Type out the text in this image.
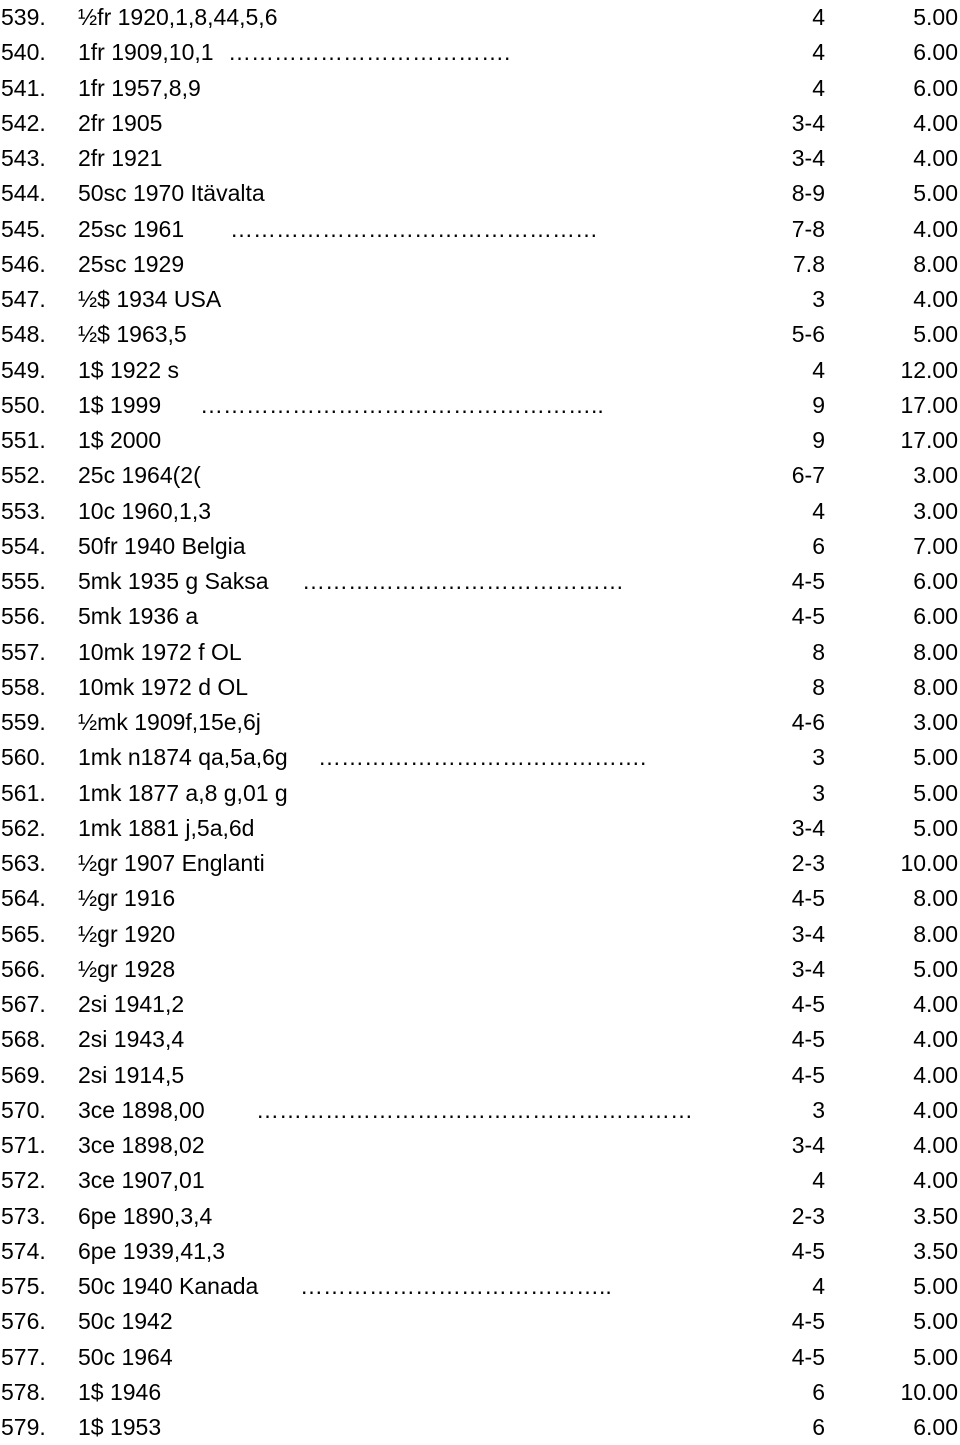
539. ½fr 1920,1,8,44,5,6	4	5.00
540. 1fr 1909,10,1 ……………………………….	4	6.00
541. 1fr 1957,8,9	4	6.00
542. 2fr 1905	3-4	4.00
543. 2fr 1921	3-4	4.00
544. 50sc 1970 Itävalta	8-9	5.00
545. 25sc 1961 …………………………………………	7-8	4.00
546. 25sc 1929	7.8	8.00
547. ½$ 1934 USA	3	4.00
548. ½$ 1963,5	5-6	5.00
549. 1$ 1922 s	4	12.00
550. 1$ 1999 ……………………………………………..	9	17.00
551. 1$ 2000	9	17.00
552. 25c 1964(2(	6-7	3.00
553. 10c 1960,1,3	4	3.00
554. 50fr 1940 Belgia	6	7.00
555. 5mk 1935 g Saksa ……………………………………	4-5	6.00
556. 5mk 1936 a	4-5	6.00
557. 10mk 1972 f OL	8	8.00
558. 10mk 1972 d OL	8	8.00
559. ½mk 1909f,15e,6j	4-6	3.00
560. 1mk n1874 qa,5a,6g …………………………………….	3	5.00
561. 1mk 1877 a,8 g,01 g	3	5.00
562. 1mk 1881 j,5a,6d	3-4	5.00
563. ½gr 1907 Englanti	2-3	10.00
564. ½gr 1916	4-5	8.00
565. ½gr 1920	3-4	8.00
566. ½gr 1928	3-4	5.00
567. 2si 1941,2	4-5	4.00
568. 2si 1943,4	4-5	4.00
569. 2si 1914,5	4-5	4.00
570. 3ce 1898,00 …………………………………………………	3	4.00
571. 3ce 1898,02	3-4	4.00
572. 3ce 1907,01	4	4.00
573. 6pe 1890,3,4	2-3	3.50
574. 6pe 1939,41,3	4-5	3.50
575. 50c 1940 Kanada …………………………………..	4	5.00
576. 50c 1942	4-5	5.00
577. 50c 1964	4-5	5.00
578. 1$ 1946	6	10.00
579. 1$ 1953	6	6.00
